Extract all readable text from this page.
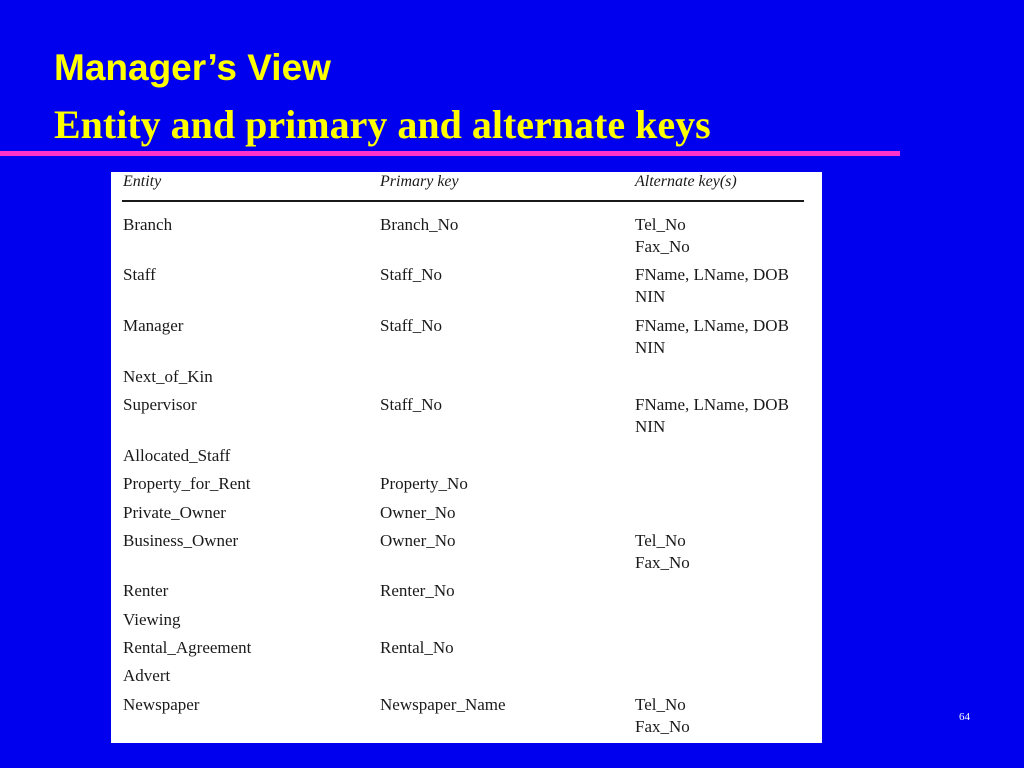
Manager’s View
Entity and primary and alternate keys
Entity	Primary key	Alternate key(s)
Branch	Branch_No	Tel_No
Fax_No
Staff	Staff_No	FName, LName, DOB
NIN
Manager	Staff_No	FName, LName, DOB
NIN
Next_of_Kin
Supervisor	Staff_No	FName, LName, DOB
NIN
Allocated_Staff
Property_for_Rent	Property_No
Private_Owner	Owner_No
Business_Owner	Owner_No	Tel_No
Fax_No
Renter	Renter_No
Viewing
Rental_Agreement	Rental_No
Advert
Newspaper	Newspaper_Name	Tel_No
Fax_No	64
